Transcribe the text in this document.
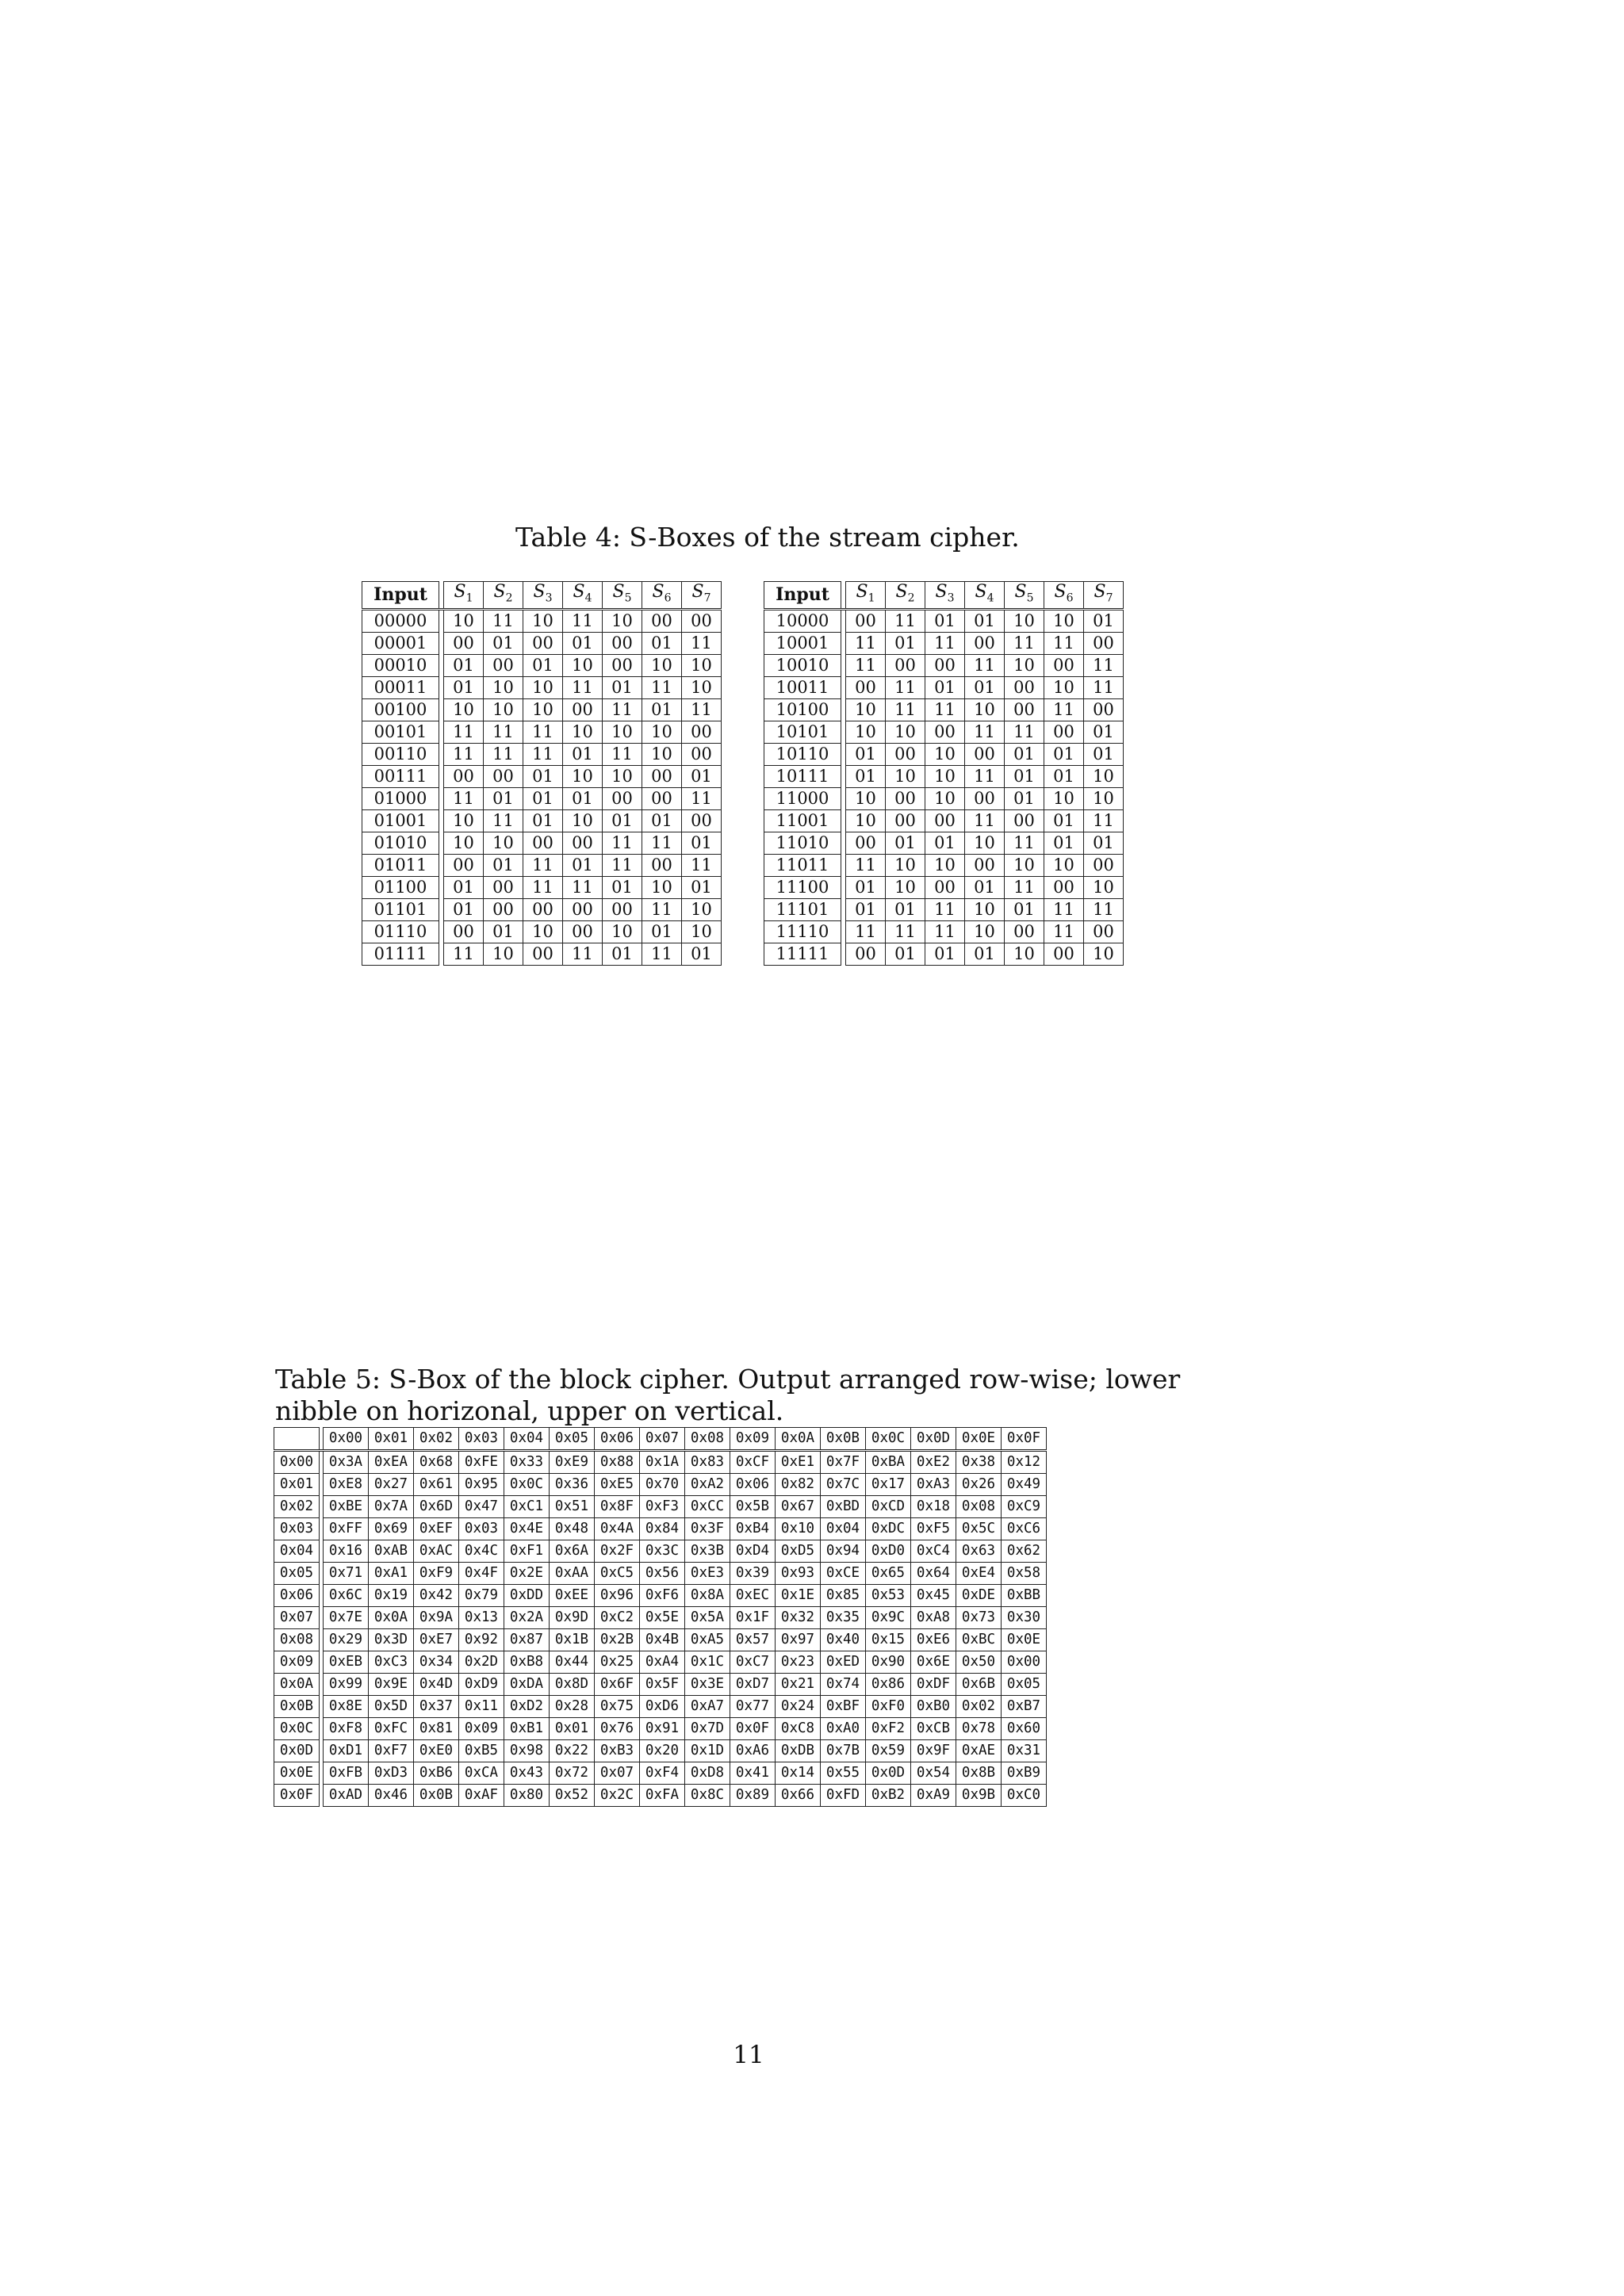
Table 4: S-Boxes of the stream cipher.
Input		$S_1$	$S_2$	$S_3$	$S_4$	$S_5$	$S_6$	$S_7$
00000		10	11	10	11	10	00	00
00001		00	01	00	01	00	01	11
00010		01	00	01	10	00	10	10
00011		01	10	10	11	01	11	10
00100		10	10	10	00	11	01	11
00101		11	11	11	10	10	10	00
00110		11	11	11	01	11	10	00
00111		00	00	01	10	10	00	01
01000		11	01	01	01	00	00	11
01001		10	11	01	10	01	01	00
01010		10	10	00	00	11	11	01
01011		00	01	11	01	11	00	11
01100		01	00	11	11	01	10	01
01101		01	00	00	00	00	11	10
01110		00	01	10	00	10	01	10
01111		11	10	00	11	01	11	01
Input		$S_1$	$S_2$	$S_3$	$S_4$	$S_5$	$S_6$	$S_7$
10000		00	11	01	01	10	10	01
10001		11	01	11	00	11	11	00
10010		11	00	00	11	10	00	11
10011		00	11	01	01	00	10	11
10100		10	11	11	10	00	11	00
10101		10	10	00	11	11	00	01
10110		01	00	10	00	01	01	01
10111		01	10	10	11	01	01	10
11000		10	00	10	00	01	10	10
11001		10	00	00	11	00	01	11
11010		00	01	01	10	11	01	01
11011		11	10	10	00	10	10	00
11100		01	10	00	01	11	00	10
11101		01	01	11	10	01	11	11
11110		11	11	11	10	00	11	00
11111		00	01	01	01	10	00	10
Table 5: S-Box of the block cipher. Output arranged row-wise; lower nibble on horizonal, upper on vertical.
		0x00	0x01	0x02	0x03	0x04	0x05	0x06	0x07	0x08	0x09	0x0A	0x0B	0x0C	0x0D	0x0E	0x0F
0x00		0x3A	0xEA	0x68	0xFE	0x33	0xE9	0x88	0x1A	0x83	0xCF	0xE1	0x7F	0xBA	0xE2	0x38	0x12
0x01		0xE8	0x27	0x61	0x95	0x0C	0x36	0xE5	0x70	0xA2	0x06	0x82	0x7C	0x17	0xA3	0x26	0x49
0x02		0xBE	0x7A	0x6D	0x47	0xC1	0x51	0x8F	0xF3	0xCC	0x5B	0x67	0xBD	0xCD	0x18	0x08	0xC9
0x03		0xFF	0x69	0xEF	0x03	0x4E	0x48	0x4A	0x84	0x3F	0xB4	0x10	0x04	0xDC	0xF5	0x5C	0xC6
0x04		0x16	0xAB	0xAC	0x4C	0xF1	0x6A	0x2F	0x3C	0x3B	0xD4	0xD5	0x94	0xD0	0xC4	0x63	0x62
0x05		0x71	0xA1	0xF9	0x4F	0x2E	0xAA	0xC5	0x56	0xE3	0x39	0x93	0xCE	0x65	0x64	0xE4	0x58
0x06		0x6C	0x19	0x42	0x79	0xDD	0xEE	0x96	0xF6	0x8A	0xEC	0x1E	0x85	0x53	0x45	0xDE	0xBB
0x07		0x7E	0x0A	0x9A	0x13	0x2A	0x9D	0xC2	0x5E	0x5A	0x1F	0x32	0x35	0x9C	0xA8	0x73	0x30
0x08		0x29	0x3D	0xE7	0x92	0x87	0x1B	0x2B	0x4B	0xA5	0x57	0x97	0x40	0x15	0xE6	0xBC	0x0E
0x09		0xEB	0xC3	0x34	0x2D	0xB8	0x44	0x25	0xA4	0x1C	0xC7	0x23	0xED	0x90	0x6E	0x50	0x00
0x0A		0x99	0x9E	0x4D	0xD9	0xDA	0x8D	0x6F	0x5F	0x3E	0xD7	0x21	0x74	0x86	0xDF	0x6B	0x05
0x0B		0x8E	0x5D	0x37	0x11	0xD2	0x28	0x75	0xD6	0xA7	0x77	0x24	0xBF	0xF0	0xB0	0x02	0xB7
0x0C		0xF8	0xFC	0x81	0x09	0xB1	0x01	0x76	0x91	0x7D	0x0F	0xC8	0xA0	0xF2	0xCB	0x78	0x60
0x0D		0xD1	0xF7	0xE0	0xB5	0x98	0x22	0xB3	0x20	0x1D	0xA6	0xDB	0x7B	0x59	0x9F	0xAE	0x31
0x0E		0xFB	0xD3	0xB6	0xCA	0x43	0x72	0x07	0xF4	0xD8	0x41	0x14	0x55	0x0D	0x54	0x8B	0xB9
0x0F		0xAD	0x46	0x0B	0xAF	0x80	0x52	0x2C	0xFA	0x8C	0x89	0x66	0xFD	0xB2	0xA9	0x9B	0xC0
11
